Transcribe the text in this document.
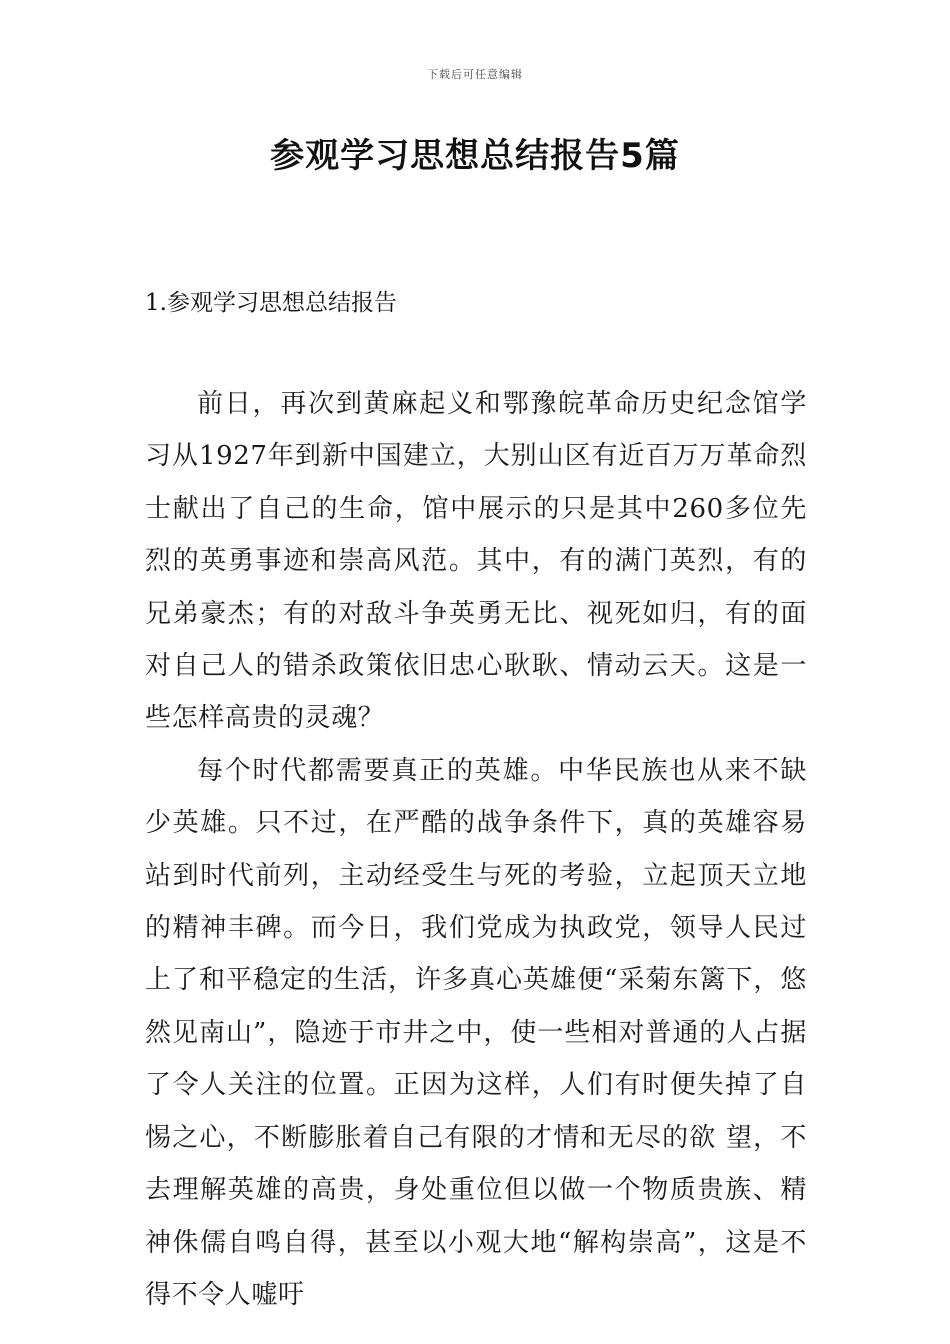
下载后可任意编辑
参观学习思想总结报告5篇
1.参观学习思想总结报告

前日，再次到黄麻起义和鄂豫皖革命历史纪念馆学习从1927年到新中国建立，大别山区有近百万万革命烈士献出了自己的生命，馆中展示的只是其中260多位先烈的英勇事迹和崇高风范。其中，有的满门英烈，有的兄弟豪杰；有的对敌斗争英勇无比、视死如归，有的面对自己人的错杀政策依旧忠心耿耿、情动云天。这是一些怎样高贵的灵魂？

每个时代都需要真正的英雄。中华民族也从来不缺少英雄。只不过，在严酷的战争条件下，真的英雄容易站到时代前列，主动经受生与死的考验，立起顶天立地的精神丰碑。而今日，我们党成为执政党，领导人民过上了和平稳定的生活，许多真心英雄便“采菊东篱下，悠然见南山”，隐迹于市井之中，使一些相对普通的人占据了令人关注的位置。正因为这样，人们有时便失掉了自惕之心，不断膨胀着自己有限的才情和无尽的欲 望，不去理解英雄的高贵，身处重位但以做一个物质贵族、精神侏儒自鸣自得，甚至以小观大地“解构崇高”，这是不得不令人嘘吁
